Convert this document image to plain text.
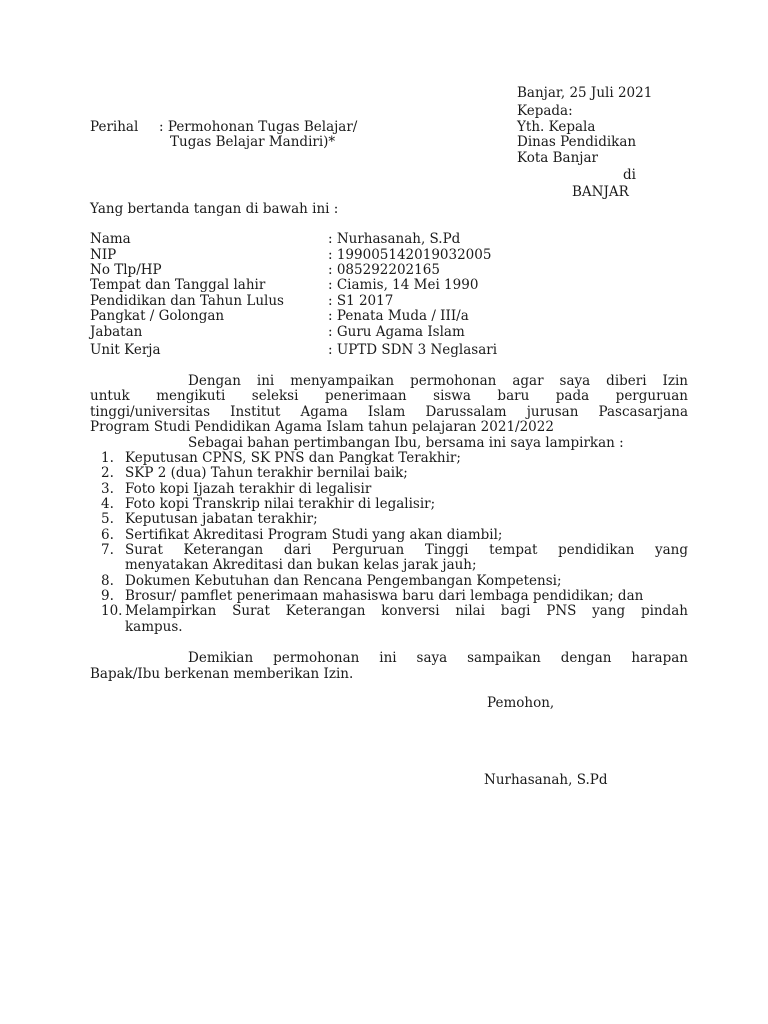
Banjar, 25 Juli 2021
Kepada:
Yth. Kepala
Dinas Pendidikan
Kota Banjar
di
BANJAR
Perihal : Permohonan Tugas Belajar/
Tugas Belajar Mandiri)*
Yang bertanda tangan di bawah ini :
Nama	: Nurhasanah, S.Pd
NIP	: 199005142019032005
No Tlp/HP	: 085292202165
Tempat dan Tanggal lahir	: Ciamis, 14 Mei 1990
Pendidikan dan Tahun Lulus	: S1 2017
Pangkat / Golongan	: Penata Muda / III/a
Jabatan	: Guru Agama Islam
Unit Kerja	: UPTD SDN 3 Neglasari
Dengan ini menyampaikan permohonan agar saya diberi Izin
untuk mengikuti seleksi penerimaan siswa baru pada perguruan
tinggi/universitas Institut Agama Islam Darussalam jurusan Pascasarjana
Program Studi Pendidikan Agama Islam tahun pelajaran 2021/2022
Sebagai bahan pertimbangan Ibu, bersama ini saya lampirkan :
1. Keputusan CPNS, SK PNS dan Pangkat Terakhir;
2. SKP 2 (dua) Tahun terakhir bernilai baik;
3. Foto kopi Ijazah terakhir di legalisir
4. Foto kopi Transkrip nilai terakhir di legalisir;
5. Keputusan jabatan terakhir;
6. Sertifikat Akreditasi Program Studi yang akan diambil;
7. Surat Keterangan dari Perguruan Tinggi tempat pendidikan yang
menyatakan Akreditasi dan bukan kelas jarak jauh;
8. Dokumen Kebutuhan dan Rencana Pengembangan Kompetensi;
9. Brosur/ pamflet penerimaan mahasiswa baru dari lembaga pendidikan; dan
10. Melampirkan Surat Keterangan konversi nilai bagi PNS yang pindah
kampus.
Demikian permohonan ini saya sampaikan dengan harapan
Bapak/Ibu berkenan memberikan Izin.
Pemohon,
Nurhasanah, S.Pd
